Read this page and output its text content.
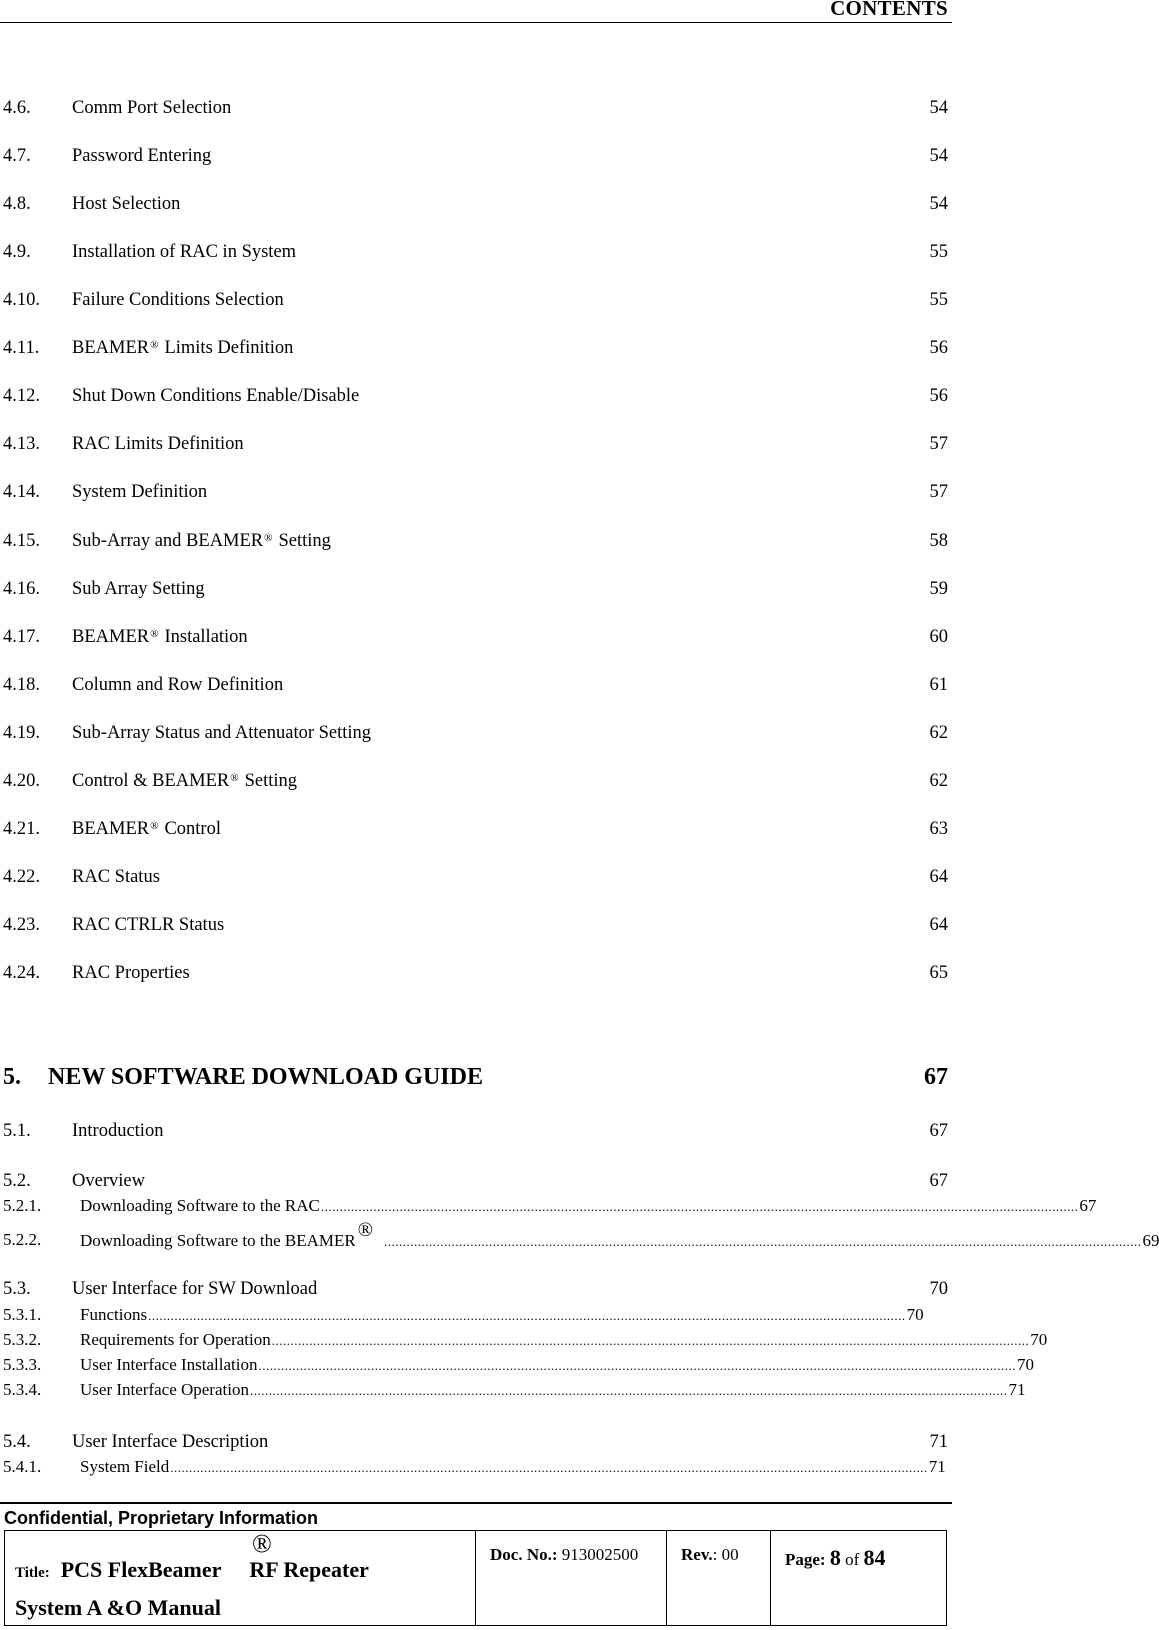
CONTENTS
4.6. Comm Port Selection	54
4.7. Password Entering	54
4.8. Host Selection	54
4.9. Installation of RAC in System	55
4.10. Failure Conditions Selection	55
4.11. BEAMER® Limits Definition	56
4.12. Shut Down Conditions Enable/Disable	56
4.13. RAC Limits Definition	57
4.14. System Definition	57
4.15. Sub-Array and BEAMER® Setting	58
4.16. Sub Array Setting	59
4.17. BEAMER® Installation	60
4.18. Column and Row Definition	61
4.19. Sub-Array Status and Attenuator Setting	62
4.20. Control & BEAMER® Setting	62
4.21. BEAMER® Control	63
4.22. RAC Status	64
4.23. RAC CTRLR Status	64
4.24. RAC Properties	65
5. NEW SOFTWARE DOWNLOAD GUIDE	67
5.1. Introduction	67
5.2. Overview	67
5.2.1. Downloading Software to the RAC .......................................................................................................................................................................................................... 67
5.2.2. Downloading Software to the BEAMER ®
.......................................................................................................................................................................................................... 69
5.3. User Interface for SW Download	70
5.3.1. Functions .......................................................................................................................................................................................................... 70
5.3.2. Requirements for Operation .......................................................................................................................................................................................................... 70
5.3.3. User Interface Installation .......................................................................................................................................................................................................... 70
5.3.4. User Interface Operation .......................................................................................................................................................................................................... 71
5.4. User Interface Description	71
5.4.1. System Field .......................................................................................................................................................................................................... 71
Confidential, Proprietary Information
®
Title: PCS FlexBeamer RF Repeater
System A &O Manual
Doc. No.: 913002500	Rev.: 00	Page: 8 of 84
